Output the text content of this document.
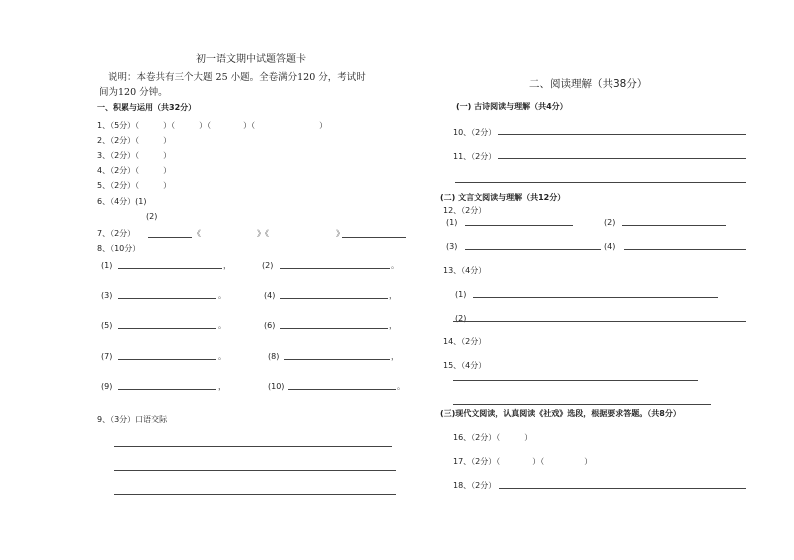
初一语文期中试题答题卡
说明：本卷共有三个大题 25 小题。全卷满分120 分，考试时
间为120 分钟。
一、积累与运用（共32分）
1、（5分）（　　　）（　　　）（　　　　）（　　　　　　　　）
2、（2分）（　　　）
3、（2分）（　　　）
4、（2分）（　　　）
5、（2分）（　　　）
6、（4分）(1)
(2)
7、（2分）	《	》《	》
8、（10分）
(1)	，	(2)	。
(3)	。	(4)	，
(5)	。	(6)	，
(7)	。	(8)	，
(9)	，	(10)	。
9、（3分）口语交际
二、阅读理解（共38分）
(一) 古诗阅读与理解（共4分）
10、（2分）
11、（2分）
(二) 文言文阅读与理解（共12分）
12、（2分）
(1)	(2)
(3)	(4)
13、（4分）
(1)
(2)
14、（2分）
15、（4分）
(三)现代文阅读，认真阅读《社戏》选段，根据要求答题。（共8分）
16、（2分）（　　　）
17、（2分）（　　　　）（　　　　　）
18、（2分）
